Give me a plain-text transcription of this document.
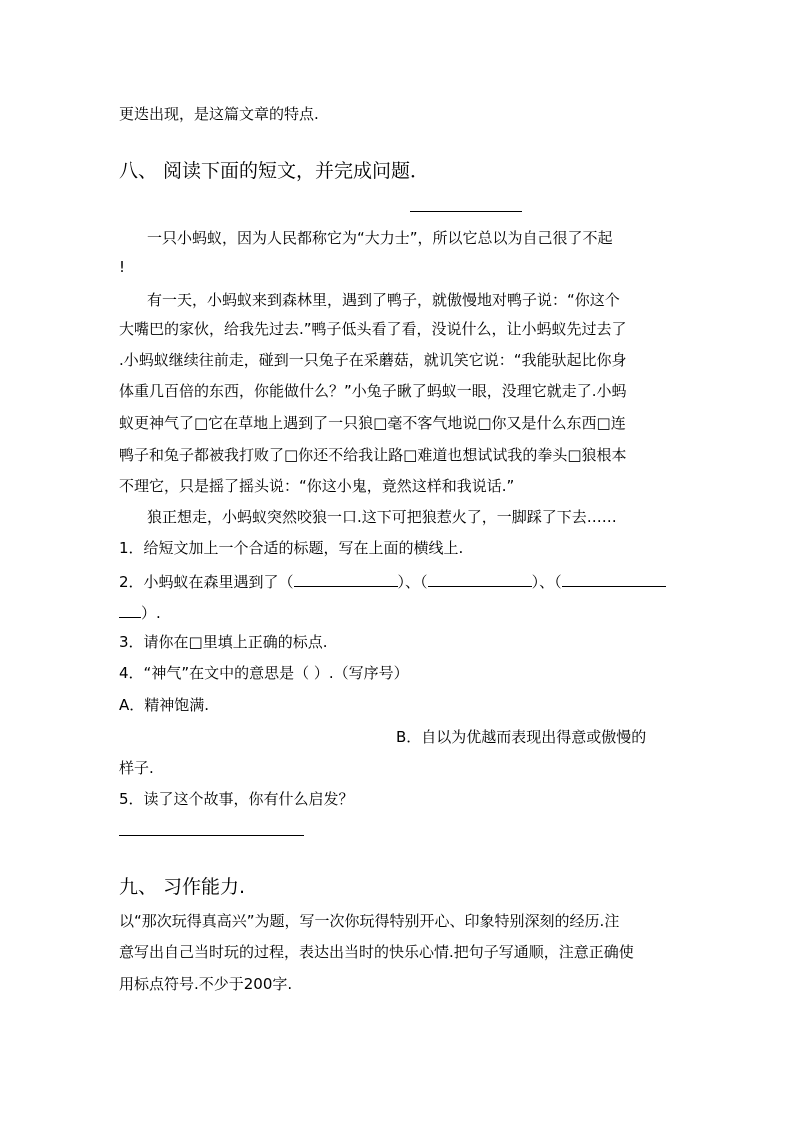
更迭出现，是这篇文章的特点.
八、 阅读下面的短文，并完成问题．
一只小蚂蚁，因为人民都称它为“大力士”，所以它总以为自己很了不起
!
有一天，小蚂蚁来到森林里，遇到了鸭子，就傲慢地对鸭子说：“你这个
大嘴巴的家伙，给我先过去.”鸭子低头看了看，没说什么，让小蚂蚁先过去了
.小蚂蚁继续往前走，碰到一只兔子在采蘑菇，就讥笑它说：“我能驮起比你身
体重几百倍的东西，你能做什么？”小兔子瞅了蚂蚁一眼，没理它就走了.小蚂
蚁更神气了□它在草地上遇到了一只狼□毫不客气地说□你又是什么东西□连
鸭子和兔子都被我打败了□你还不给我让路□难道也想试试我的拳头□狼根本
不理它，只是摇了摇头说：“你这小鬼，竟然这样和我说话.”
狼正想走，小蚂蚁突然咬狼一口.这下可把狼惹火了，一脚踩了下去……
1．给短文加上一个合适的标题，写在上面的横线上.
2．小蚂蚁在森里遇到了（	）、（	）、（
）.
3．请你在□里填上正确的标点.
4．“神气”在文中的意思是（ ）.（写序号）
A．精神饱满.
B．自以为优越而表现出得意或傲慢的
样子.
5．读了这个故事，你有什么启发？
九、 习作能力.
以“那次玩得真高兴”为题，写一次你玩得特别开心、印象特别深刻的经历.注
意写出自己当时玩的过程，表达出当时的快乐心情.把句子写通顺，注意正确使
用标点符号.不少于200字.
